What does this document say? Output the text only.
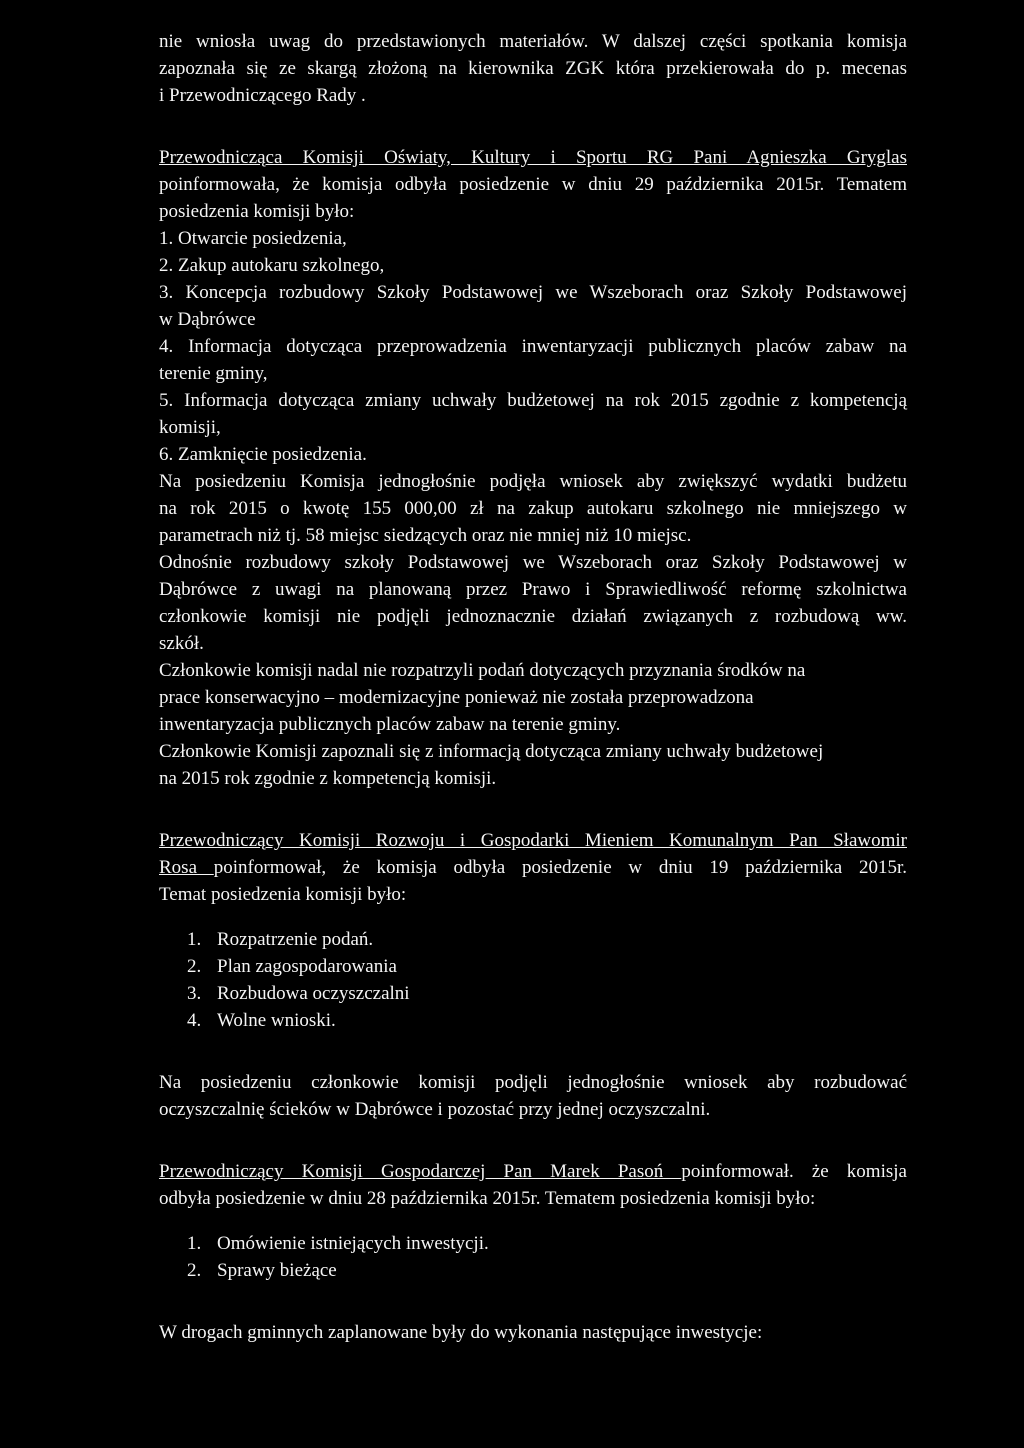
nie wniosła uwag do przedstawionych materiałów. W dalszej części spotkania komisja

zapoznała się ze skargą złożoną na kierownika ZGK która przekierowała do p. mecenas

i Przewodniczącego Rady .

Przewodnicząca Komisji Oświaty, Kultury i Sportu RG Pani Agnieszka Gryglas

poinformowała, że komisja odbyła posiedzenie w dniu 29 października 2015r. Tematem

posiedzenia komisji było:

1. Otwarcie posiedzenia,

2. Zakup autokaru szkolnego,

3. Koncepcja rozbudowy Szkoły Podstawowej we Wszeborach oraz Szkoły Podstawowej

w Dąbrówce

4. Informacja dotycząca przeprowadzenia inwentaryzacji publicznych placów zabaw na

terenie gminy,

5. Informacja dotycząca zmiany uchwały budżetowej na rok 2015 zgodnie z kompetencją

komisji,

6. Zamknięcie posiedzenia.

Na posiedzeniu Komisja jednogłośnie podjęła wniosek aby zwiększyć wydatki budżetu

na rok 2015 o kwotę 155 000,00 zł na zakup autokaru szkolnego nie mniejszego w

parametrach niż tj. 58 miejsc siedzących oraz nie mniej niż 10 miejsc.

Odnośnie rozbudowy szkoły Podstawowej we Wszeborach oraz Szkoły Podstawowej w

Dąbrówce z uwagi na planowaną przez Prawo i Sprawiedliwość reformę szkolnictwa

członkowie komisji nie podjęli jednoznacznie działań związanych z rozbudową ww.

szkół.

Członkowie komisji nadal nie rozpatrzyli podań dotyczących przyznania środków na

prace konserwacyjno – modernizacyjne ponieważ nie została przeprowadzona

inwentaryzacja publicznych placów zabaw na terenie gminy.

Członkowie Komisji zapoznali się z informacją dotycząca zmiany uchwały budżetowej

na 2015 rok zgodnie z kompetencją komisji.

Przewodniczący Komisji Rozwoju i Gospodarki Mieniem Komunalnym Pan Sławomir

Rosa poinformował, że komisja odbyła posiedzenie w dniu 19 października 2015r.

Temat posiedzenia komisji było:

1. Rozpatrzenie podań.
2. Plan zagospodarowania
3. Rozbudowa oczyszczalni
4. Wolne wnioski.

Na posiedzeniu członkowie komisji podjęli jednogłośnie wniosek aby rozbudować

oczyszczalnię ścieków w Dąbrówce i pozostać przy jednej oczyszczalni.

Przewodniczący Komisji Gospodarczej Pan Marek Pasoń poinformował. że komisja

odbyła posiedzenie w dniu 28 października 2015r. Tematem posiedzenia komisji było:

1. Omówienie istniejących inwestycji.
2. Sprawy bieżące

W drogach gminnych zaplanowane były do wykonania następujące inwestycje:
